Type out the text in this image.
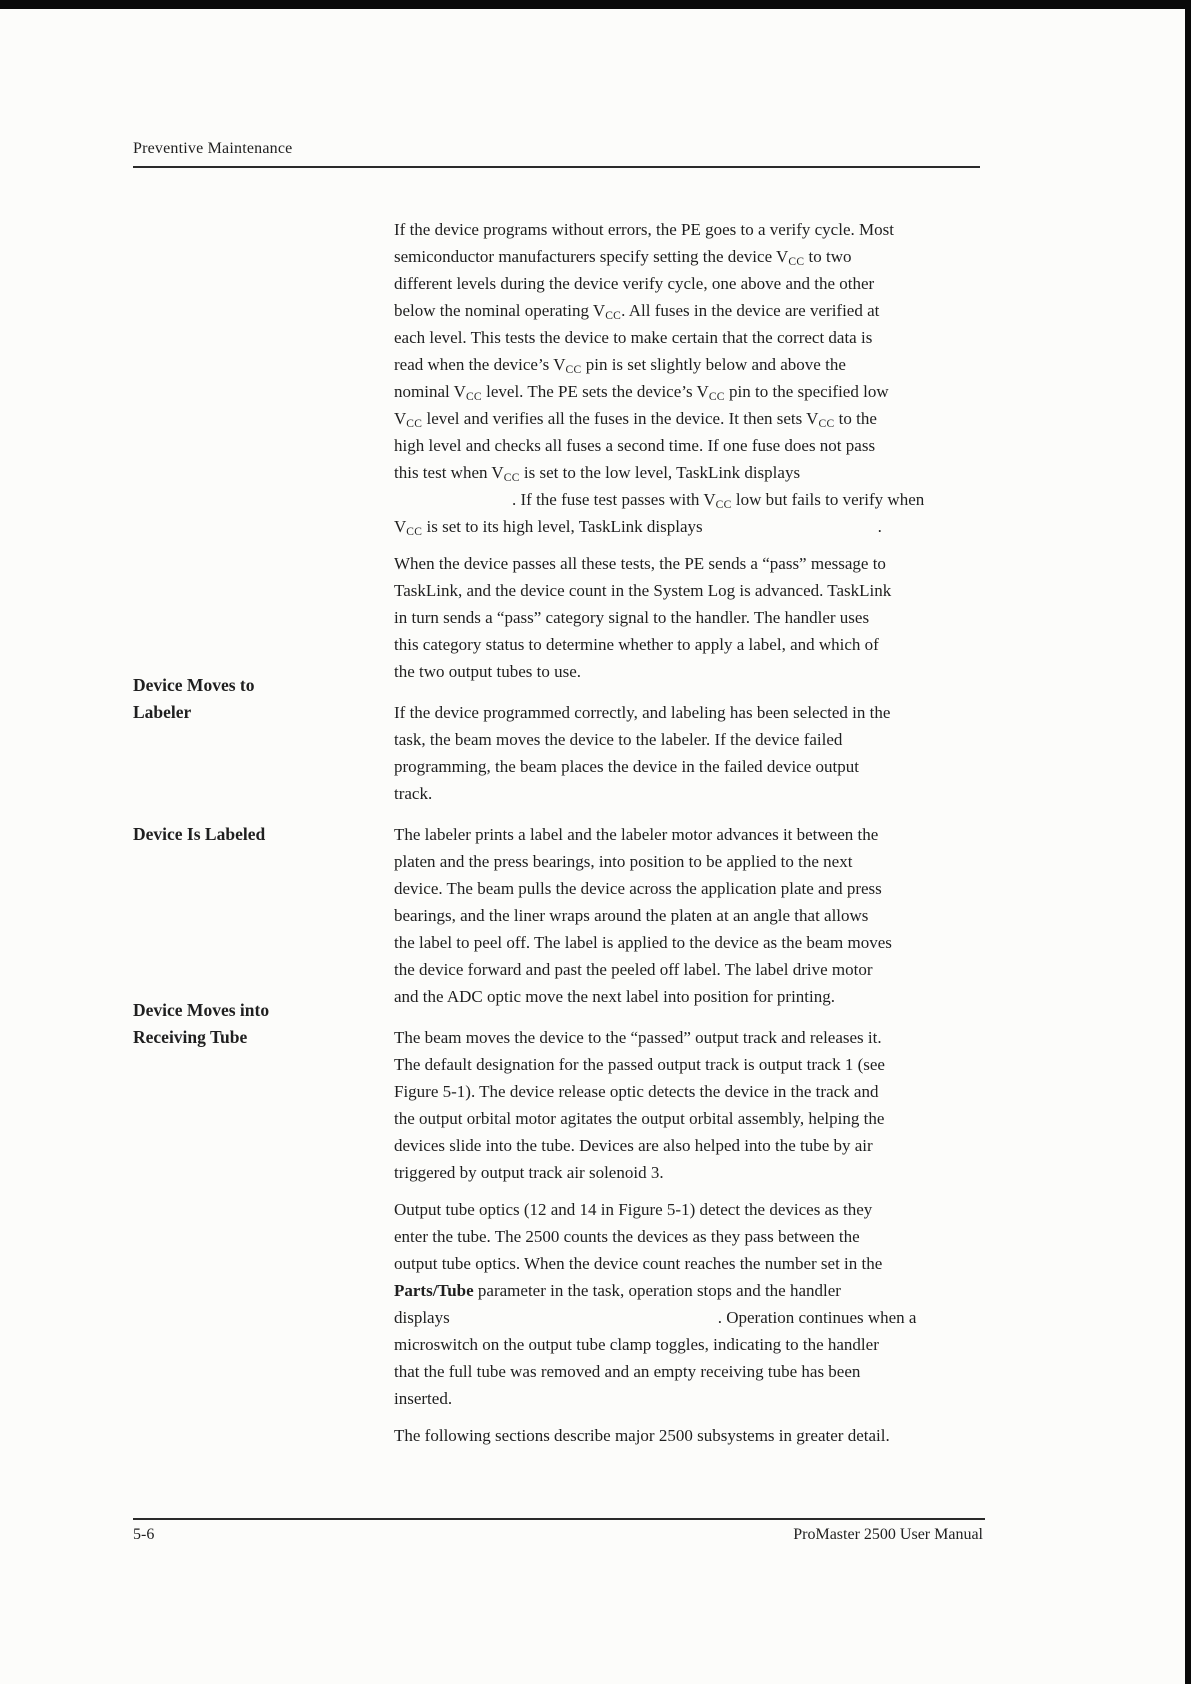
Preventive Maintenance
If the device programs without errors, the PE goes to a verify cycle. Most
semiconductor manufacturers specify setting the device $V_{CC}$ to two
different levels during the device verify cycle, one above and the other
below the nominal operating $V_{CC}$. All fuses in the device are verified at
each level. This tests the device to make certain that the correct data is
read when the device’s $V_{CC}$ pin is set slightly below and above the
nominal $V_{CC}$ level. The PE sets the device’s $V_{CC}$ pin to the specified low
$V_{CC}$ level and verifies all the fuses in the device. It then sets $V_{CC}$ to the
high level and checks all fuses a second time. If one fuse does not pass
this test when $V_{CC}$ is set to the low level, TaskLink displays
. If the fuse test passes with $V_{CC}$ low but fails to verify when
$V_{CC}$ is set to its high level, TaskLink displays	.
When the device passes all these tests, the PE sends a “pass” message to
TaskLink, and the device count in the System Log is advanced. TaskLink
in turn sends a “pass” category signal to the handler. The handler uses
this category status to determine whether to apply a label, and which of
the two output tubes to use.
Device Moves to
Labeler	If the device programmed correctly, and labeling has been selected in the
task, the beam moves the device to the labeler. If the device failed
programming, the beam places the device in the failed device output
track.
Device Is Labeled	The labeler prints a label and the labeler motor advances it between the
platen and the press bearings, into position to be applied to the next
device. The beam pulls the device across the application plate and press
bearings, and the liner wraps around the platen at an angle that allows
the label to peel off. The label is applied to the device as the beam moves
the device forward and past the peeled off label. The label drive motor
and the ADC optic move the next label into position for printing.
Device Moves into
Receiving Tube	The beam moves the device to the “passed” output track and releases it.
The default designation for the passed output track is output track 1 (see
Figure 5-1). The device release optic detects the device in the track and
the output orbital motor agitates the output orbital assembly, helping the
devices slide into the tube. Devices are also helped into the tube by air
triggered by output track air solenoid 3.
Output tube optics (12 and 14 in Figure 5-1) detect the devices as they
enter the tube. The 2500 counts the devices as they pass between the
output tube optics. When the device count reaches the number set in the
Parts/Tube parameter in the task, operation stops and the handler
displays	. Operation continues when a
microswitch on the output tube clamp toggles, indicating to the handler
that the full tube was removed and an empty receiving tube has been
inserted.
The following sections describe major 2500 subsystems in greater detail.
5-6	ProMaster 2500 User Manual
